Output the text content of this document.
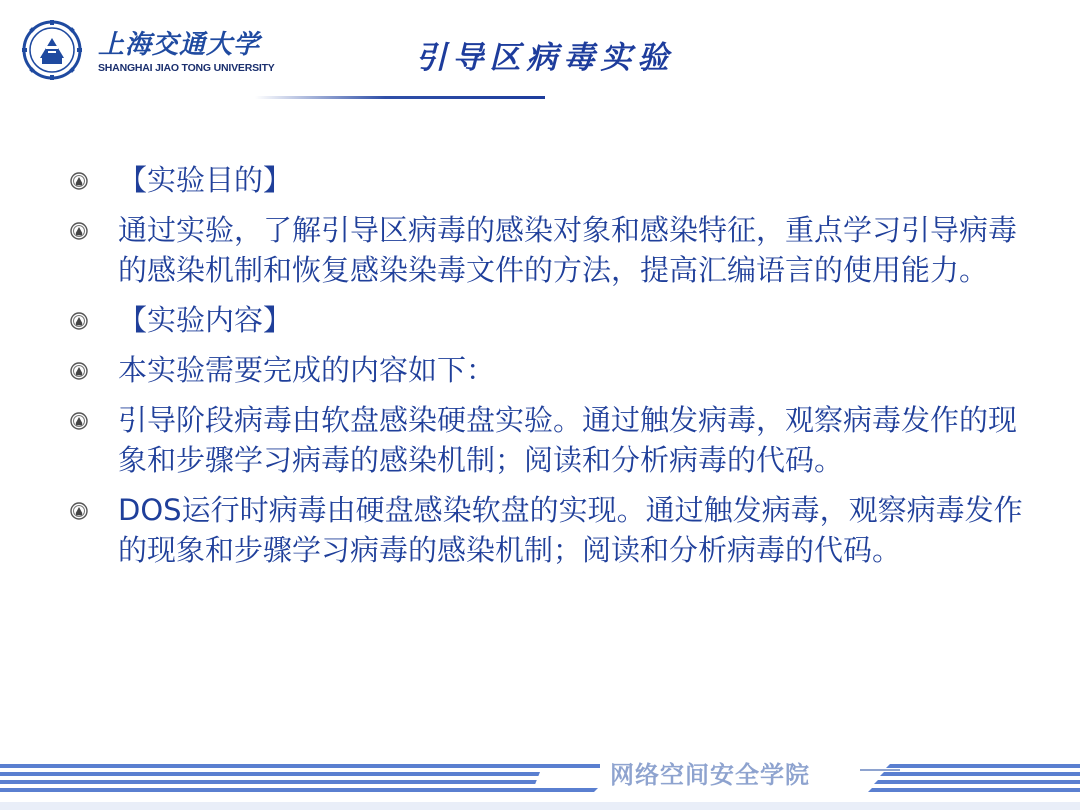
上海交通大学
SHANGHAI JIAO TONG UNIVERSITY	引导区病毒实验
【实验目的】
通过实验，了解引导区病毒的感染对象和感染特征，重点学习引导病毒的感染机制和恢复感染染毒文件的方法，提高汇编语言的使用能力。
【实验内容】
本实验需要完成的内容如下：
引导阶段病毒由软盘感染硬盘实验。通过触发病毒，观察病毒发作的现象和步骤学习病毒的感染机制；阅读和分析病毒的代码。
DOS运行时病毒由硬盘感染软盘的实现。通过触发病毒，观察病毒发作的现象和步骤学习病毒的感染机制；阅读和分析病毒的代码。
网络空间安全学院
